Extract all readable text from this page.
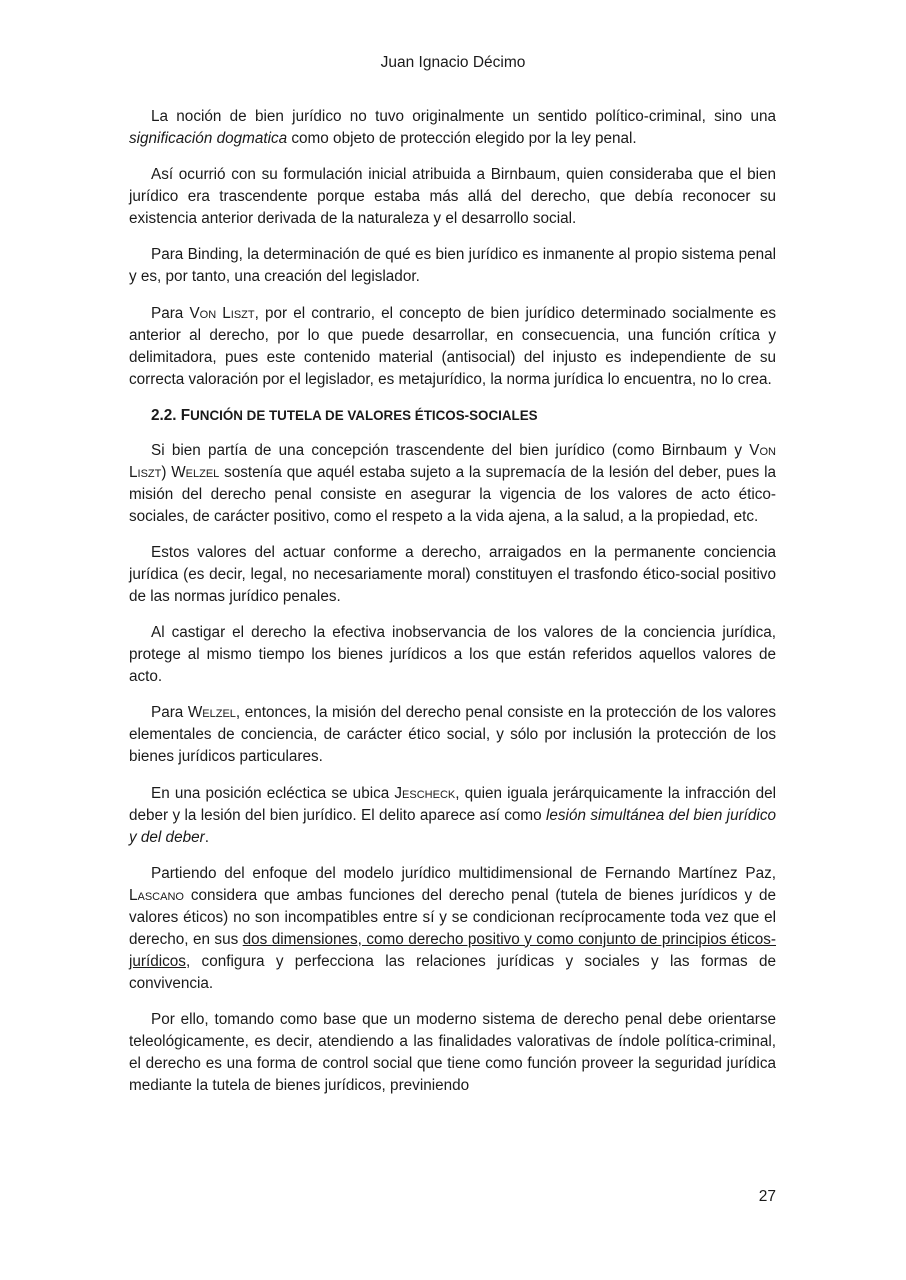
Juan Ignacio Décimo

La noción de bien jurídico no tuvo originalmente un sentido político-criminal, sino una significación dogmatica como objeto de protección elegido por la ley penal.

Así ocurrió con su formulación inicial atribuida a Birnbaum, quien consideraba que el bien jurídico era trascendente porque estaba más allá del derecho, que debía reconocer su existencia anterior derivada de la naturaleza y el desarrollo social.

Para Binding, la determinación de qué es bien jurídico es inmanente al propio sistema penal y es, por tanto, una creación del legislador.

Para Von Liszt, por el contrario, el concepto de bien jurídico determinado socialmente es anterior al derecho, por lo que puede desarrollar, en consecuencia, una función crítica y delimitadora, pues este contenido material (antisocial) del injusto es independiente de su correcta valoración por el legislador, es metajurídico, la norma jurídica lo encuentra, no lo crea.

2.2. FUNCIÓN DE TUTELA DE VALORES ÉTICOS-SOCIALES

Si bien partía de una concepción trascendente del bien jurídico (como Birnbaum y Von Liszt) Welzel sostenía que aquél estaba sujeto a la supremacía de la lesión del deber, pues la misión del derecho penal consiste en asegurar la vigencia de los valores de acto ético-sociales, de carácter positivo, como el respeto a la vida ajena, a la salud, a la propiedad, etc.

Estos valores del actuar conforme a derecho, arraigados en la permanente conciencia jurídica (es decir, legal, no necesariamente moral) constituyen el trasfondo ético-social positivo de las normas jurídico penales.

Al castigar el derecho la efectiva inobservancia de los valores de la conciencia jurídica, protege al mismo tiempo los bienes jurídicos a los que están referidos aquellos valores de acto.

Para Welzel, entonces, la misión del derecho penal consiste en la protección de los valores elementales de conciencia, de carácter ético social, y sólo por inclusión la protección de los bienes jurídicos particulares.

En una posición ecléctica se ubica Jescheck, quien iguala jerárquicamente la infracción del deber y la lesión del bien jurídico. El delito aparece así como lesión simultánea del bien jurídico y del deber.

Partiendo del enfoque del modelo jurídico multidimensional de Fernando Martínez Paz, Lascano considera que ambas funciones del derecho penal (tutela de bienes jurídicos y de valores éticos) no son incompatibles entre sí y se condicionan recíprocamente toda vez que el derecho, en sus dos dimensiones, como derecho positivo y como conjunto de principios éticos-jurídicos, configura y perfecciona las relaciones jurídicas y sociales y las formas de convivencia.

Por ello, tomando como base que un moderno sistema de derecho penal debe orientarse teleológicamente, es decir, atendiendo a las finalidades valorativas de índole política-criminal, el derecho es una forma de control social que tiene como función proveer la seguridad jurídica mediante la tutela de bienes jurídicos, previniendo

27
